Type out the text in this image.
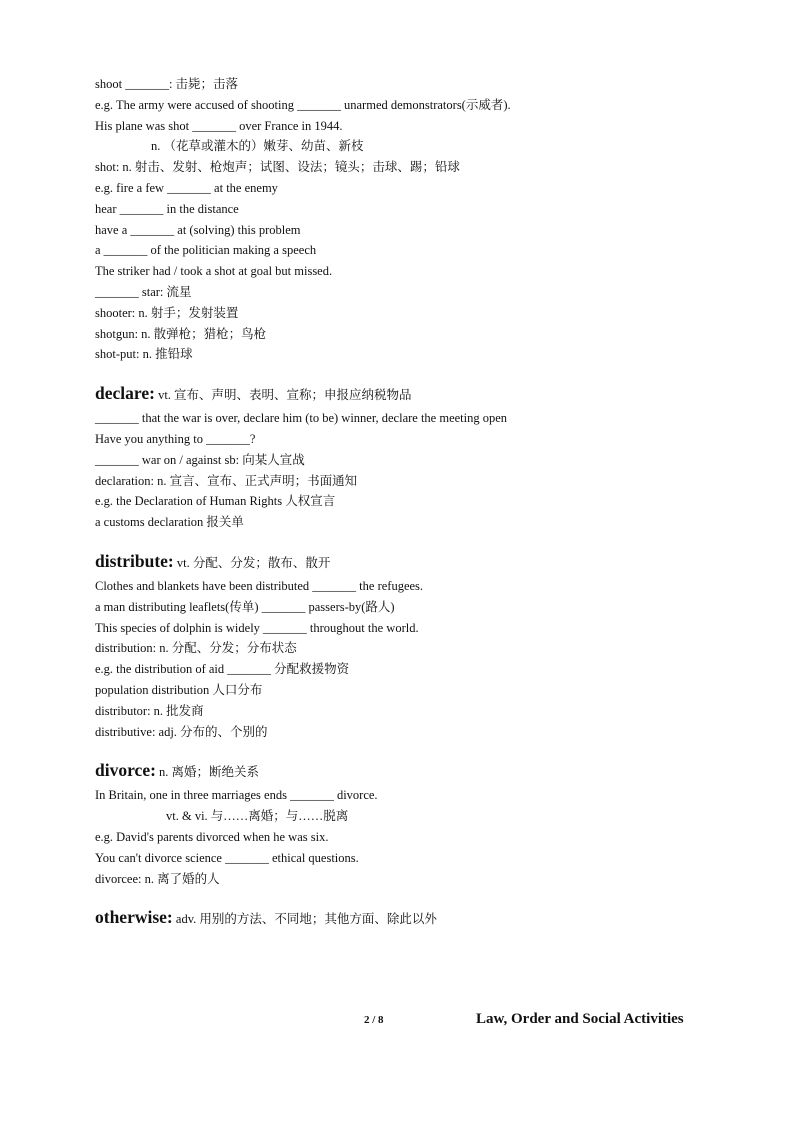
shoot _______: 击毙；击落
e.g. The army were accused of shooting _______ unarmed demonstrators(示威者).
His plane was shot _______ over France in 1944.
n. （花草或灌木的）嫩芽、幼苗、新枝
shot: n. 射击、发射、枪炮声；试图、设法；镜头；击球、踢；铅球
e.g. fire a few _______ at the enemy
hear _______ in the distance
have a _______ at (solving) this problem
a _______ of the politician making a speech
The striker had / took a shot at goal but missed.
_______ star: 流星
shooter: n. 射手；发射装置
shotgun: n. 散弹枪；猎枪；鸟枪
shot-put: n. 推铅球
declare: vt. 宣布、声明、表明、宣称；申报应纳税物品
_______ that the war is over, declare him (to be) winner, declare the meeting open
Have you anything to _______?
_______ war on / against sb: 向某人宣战
declaration: n. 宣言、宣布、正式声明；书面通知
e.g. the Declaration of Human Rights 人权宣言
a customs declaration 报关单
distribute: vt. 分配、分发；散布、散开
Clothes and blankets have been distributed _______ the refugees.
a man distributing leaflets(传单) _______ passers-by(路人)
This species of dolphin is widely _______ throughout the world.
distribution: n. 分配、分发；分布状态
e.g. the distribution of aid _______ 分配救援物资
population distribution 人口分布
distributor: n. 批发商
distributive: adj. 分布的、个别的
divorce: n. 离婚；断绝关系
In Britain, one in three marriages ends _______ divorce.
vt. & vi. 与……离婚；与……脱离
e.g. David's parents divorced when he was six.
You can't divorce science _______ ethical questions.
divorcee: n. 离了婚的人
otherwise: adv. 用别的方法、不同地；其他方面、除此以外
2 / 8	Law, Order and Social Activities
